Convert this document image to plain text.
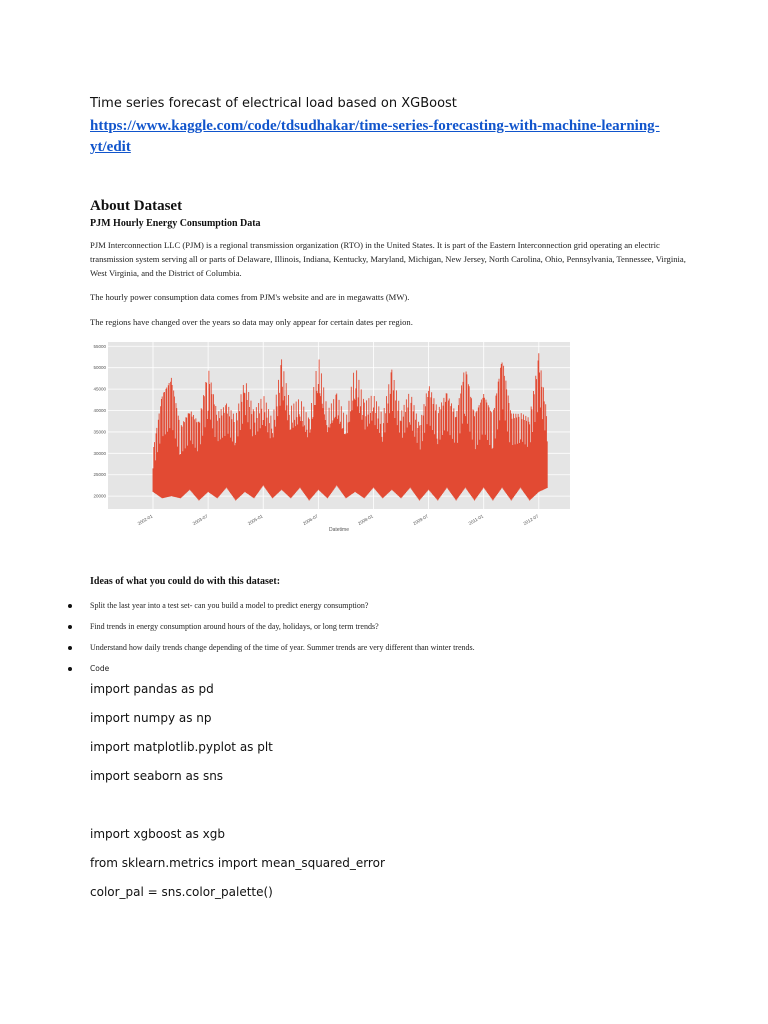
Time series forecast of electrical load based on XGBoost
https://www.kaggle.com/code/tdsudhakar/time-series-forecasting-with-machine-learning-
yt/edit
About Dataset
PJM Hourly Energy Consumption Data
PJM Interconnection LLC (PJM) is a regional transmission organization (RTO) in the United States. It is part of the Eastern Interconnection grid operating an electric transmission system serving all or parts of Delaware, Illinois, Indiana, Kentucky, Maryland, Michigan, New Jersey, North Carolina, Ohio, Pennsylvania, Tennessee, Virginia, West Virginia, and the District of Columbia.
The hourly power consumption data comes from PJM's website and are in megawatts (MW).
The regions have changed over the years so data may only appear for certain dates per region.
20000
25000
30000
35000
40000
45000
50000
55000
2002-01	2003-07	2005-01	2006-07	2008-01	2009-07	2011-01	2012-07
Datetime
Ideas of what you could do with this dataset:
Split the last year into a test set- can you build a model to predict energy consumption?
Find trends in energy consumption around hours of the day, holidays, or long term trends?
Understand how daily trends change depending of the time of year. Summer trends are very different than winter trends.
Code
import pandas as pd
import numpy as np
import matplotlib.pyplot as plt
import seaborn as sns
import xgboost as xgb
from sklearn.metrics import mean_squared_error
color_pal = sns.color_palette()
